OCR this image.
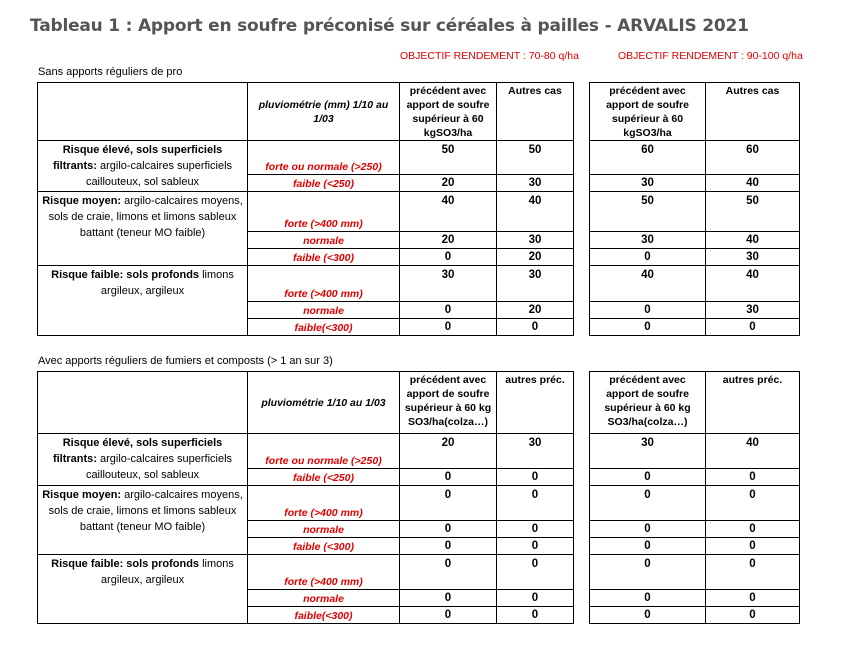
Tableau 1 : Apport en soufre préconisé sur céréales à pailles - ARVALIS 2021
OBJECTIF RENDEMENT : 70-80 q/ha	OBJECTIF RENDEMENT : 90-100 q/ha
Sans apports réguliers de pro
	pluviométrie (mm) 1/10 au 1/03	précédent avec apport de soufre supérieur à 60 kgSO3/ha	Autres cas		précédent avec apport de soufre supérieur à 60 kgSO3/ha	Autres cas
Risque élevé, sols superficiels filtrants: argilo-calcaires superficiels caillouteux, sol sableux	forte ou normale (>250)	50	50		60	60
	faible (<250)	20	30		30	40
Risque moyen: argilo-calcaires moyens, sols de craie, limons et limons sableux battant (teneur MO faible)	forte (>400 mm)	40	40		50	50
	normale	20	30		30	40
	faible (<300)	0	20		0	30
Risque faible: sols profonds limons argileux, argileux	forte (>400 mm)	30	30		40	40
	normale	0	20		0	30
	faible(<300)	0	0		0	0
Avec apports réguliers de fumiers et composts (> 1 an sur 3)
	pluviométrie 1/10 au 1/03	précédent avec apport de soufre supérieur à 60 kg SO3/ha(colza…)	autres préc.		précédent avec apport de soufre supérieur à 60 kg SO3/ha(colza…)	autres préc.
Risque élevé, sols superficiels filtrants: argilo-calcaires superficiels caillouteux, sol sableux	forte ou normale (>250)	20	30		30	40
	faible (<250)	0	0		0	0
Risque moyen: argilo-calcaires moyens, sols de craie, limons et limons sableux battant (teneur MO faible)	forte (>400 mm)	0	0		0	0
	normale	0	0		0	0
	faible (<300)	0	0		0	0
Risque faible: sols profonds limons argileux, argileux	forte (>400 mm)	0	0		0	0
	normale	0	0		0	0
	faible(<300)	0	0		0	0
